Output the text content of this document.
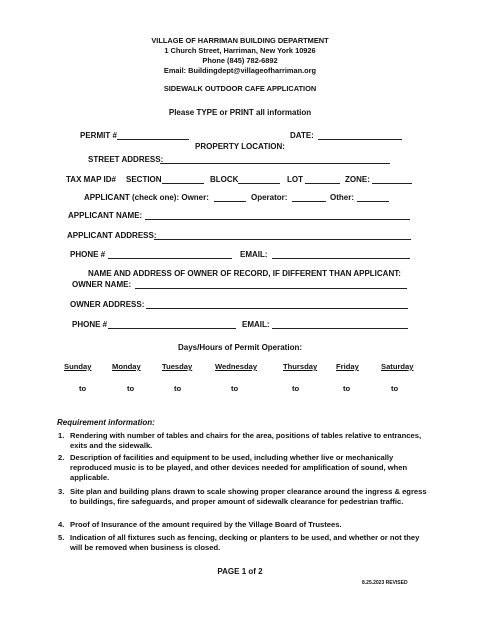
VILLAGE OF HARRIMAN BUILDING DEPARTMENT
1 Church Street, Harriman, New York 10926
Phone (845) 782-6892
Email: Buildingdept@villageofharriman.org
SIDEWALK OUTDOOR CAFE APPLICATION
Please TYPE or PRINT all information
PERMIT #	DATE:
PROPERTY LOCATION:
STREET ADDRESS:
TAX MAP ID# SECTION	BLOCK	LOT	ZONE:
APPLICANT (check one): Owner:	Operator:	Other:
APPLICANT NAME:
APPLICANT ADDRESS:
PHONE #	EMAIL:
NAME AND ADDRESS OF OWNER OF RECORD, IF DIFFERENT THAN APPLICANT:
OWNER NAME:
OWNER ADDRESS:
PHONE #	EMAIL:
Days/Hours of Permit Operation:
Sunday	Monday	Tuesday	Wednesday	Thursday Friday	Saturday
to	to	to	to	to	to	to
Requirement information:
1. Rendering with number of tables and chairs for the area, positions of tables relative to entrances, exits and the sidewalk.
2. Description of facilities and equipment to be used, including whether live or mechanically reproduced music is to be played, and other devices needed for amplification of sound, when applicable.
3. Site plan and building plans drawn to scale showing proper clearance around the ingress & egress to buildings, fire safeguards, and proper amount of sidewalk clearance for pedestrian traffic.
4. Proof of Insurance of the amount required by the Village Board of Trustees.
5. Indication of all fixtures such as fencing, decking or planters to be used, and whether or not they will be removed when business is closed.
PAGE 1 of 2
8.25.2023 REVISED
